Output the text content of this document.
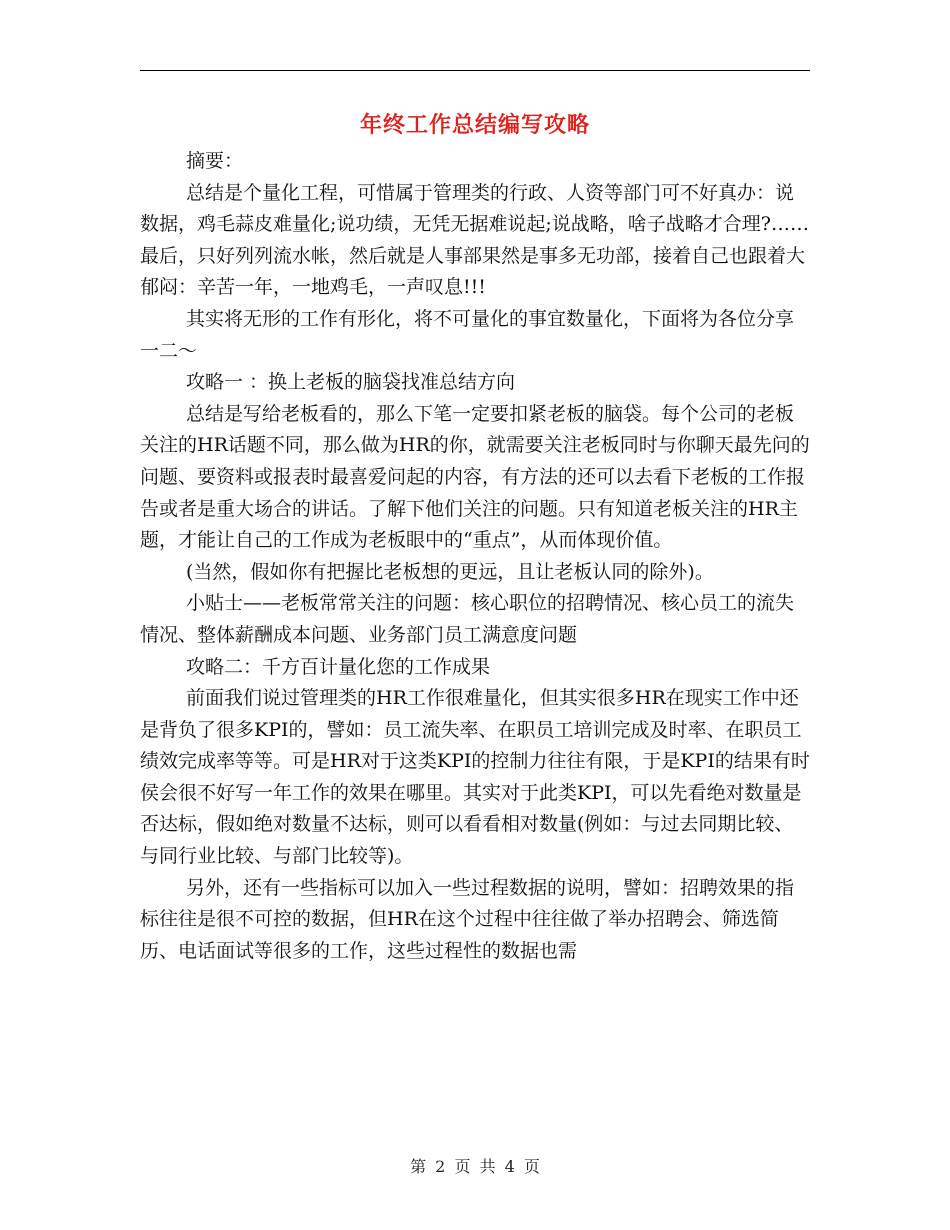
年终工作总结编写攻略

摘要：

总结是个量化工程，可惜属于管理类的行政、人资等部门可不好真办：说数据，鸡毛蒜皮难量化;说功绩，无凭无据难说起;说战略，啥子战略才合理?……最后，只好列列流水帐，然后就是人事部果然是事多无功部，接着自己也跟着大郁闷：辛苦一年，一地鸡毛，一声叹息!!!

其实将无形的工作有形化，将不可量化的事宜数量化，下面将为各位分享一二～

攻略一 ：换上老板的脑袋找准总结方向

总结是写给老板看的，那么下笔一定要扣紧老板的脑袋。每个公司的老板关注的HR话题不同，那么做为HR的你，就需要关注老板同时与你聊天最先问的问题、要资料或报表时最喜爱问起的内容，有方法的还可以去看下老板的工作报告或者是重大场合的讲话。了解下他们关注的问题。只有知道老板关注的HR主题，才能让自己的工作成为老板眼中的“重点”，从而体现价值。

(当然，假如你有把握比老板想的更远，且让老板认同的除外)。

小贴士——老板常常关注的问题：核心职位的招聘情况、核心员工的流失情况、整体薪酬成本问题、业务部门员工满意度问题

攻略二：千方百计量化您的工作成果

前面我们说过管理类的HR工作很难量化，但其实很多HR在现实工作中还是背负了很多KPI的，譬如：员工流失率、在职员工培训完成及时率、在职员工绩效完成率等等。可是HR对于这类KPI的控制力往往有限，于是KPI的结果有时侯会很不好写一年工作的效果在哪里。其实对于此类KPI，可以先看绝对数量是否达标，假如绝对数量不达标，则可以看看相对数量(例如：与过去同期比较、与同行业比较、与部门比较等)。

另外，还有一些指标可以加入一些过程数据的说明，譬如：招聘效果的指标往往是很不可控的数据，但HR在这个过程中往往做了举办招聘会、筛选简历、电话面试等很多的工作，这些过程性的数据也需

第 2 页 共 4 页
